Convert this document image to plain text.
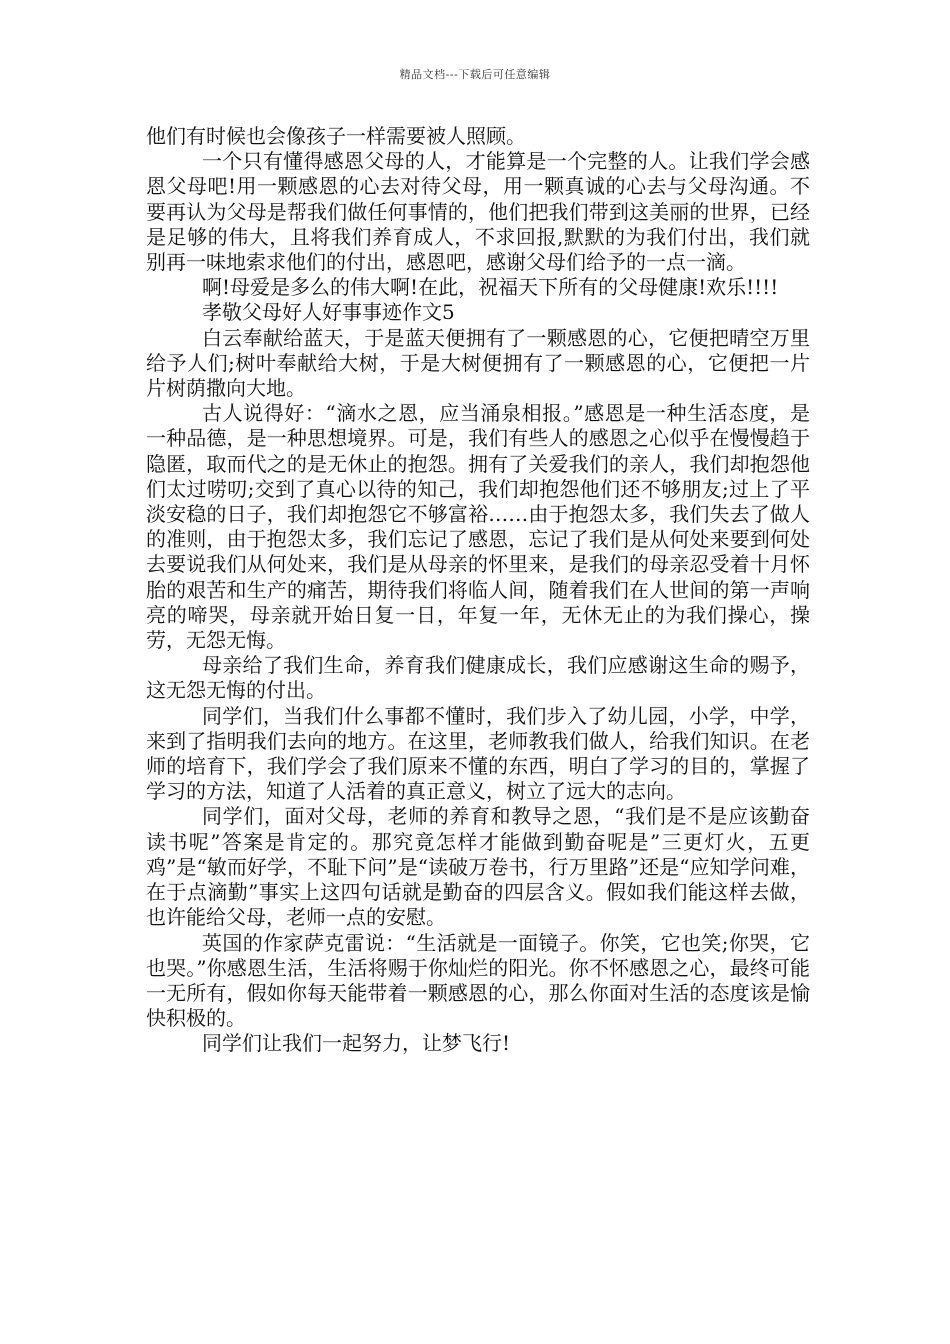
精品文档---下载后可任意编辑

他们有时候也会像孩子一样需要被人照顾。

一个只有懂得感恩父母的人，才能算是一个完整的人。让我们学会感恩父母吧!用一颗感恩的心去对待父母，用一颗真诚的心去与父母沟通。不要再认为父母是帮我们做任何事情的，他们把我们带到这美丽的世界，已经是足够的伟大，且将我们养育成人，不求回报,默默的为我们付出，我们就别再一味地索求他们的付出，感恩吧，感谢父母们给予的一点一滴。

啊!母爱是多么的伟大啊!在此，祝福天下所有的父母健康!欢乐!!!!

孝敬父母好人好事事迹作文5

白云奉献给蓝天，于是蓝天便拥有了一颗感恩的心，它便把晴空万里给予人们;树叶奉献给大树，于是大树便拥有了一颗感恩的心，它便把一片片树荫撒向大地。

古人说得好：“滴水之恩，应当涌泉相报。”感恩是一种生活态度，是一种品德，是一种思想境界。可是，我们有些人的感恩之心似乎在慢慢趋于隐匿，取而代之的是无休止的抱怨。拥有了关爱我们的亲人，我们却抱怨他们太过唠叨;交到了真心以待的知己，我们却抱怨他们还不够朋友;过上了平淡安稳的日子，我们却抱怨它不够富裕……由于抱怨太多，我们失去了做人的准则，由于抱怨太多，我们忘记了感恩，忘记了我们是从何处来要到何处去要说我们从何处来，我们是从母亲的怀里来，是我们的母亲忍受着十月怀胎的艰苦和生产的痛苦，期待我们将临人间，随着我们在人世间的第一声响亮的啼哭，母亲就开始日复一日，年复一年，无休无止的为我们操心，操劳，无怨无悔。

母亲给了我们生命，养育我们健康成长，我们应感谢这生命的赐予，这无怨无悔的付出。

同学们，当我们什么事都不懂时，我们步入了幼儿园，小学，中学，来到了指明我们去向的地方。在这里，老师教我们做人，给我们知识。在老师的培育下，我们学会了我们原来不懂的东西，明白了学习的目的，掌握了学习的方法，知道了人活着的真正意义，树立了远大的志向。

同学们，面对父母，老师的养育和教导之恩，“我们是不是应该勤奋读书呢”答案是肯定的。那究竟怎样才能做到勤奋呢是”三更灯火，五更鸡”是“敏而好学，不耻下问”是“读破万卷书，行万里路”还是“应知学问难，在于点滴勤”事实上这四句话就是勤奋的四层含义。假如我们能这样去做，也许能给父母，老师一点的安慰。

英国的作家萨克雷说：“生活就是一面镜子。你笑，它也笑;你哭，它也哭。”你感恩生活，生活将赐于你灿烂的阳光。你不怀感恩之心，最终可能一无所有，假如你每天能带着一颗感恩的心，那么你面对生活的态度该是愉快积极的。

同学们让我们一起努力，让梦飞行!
